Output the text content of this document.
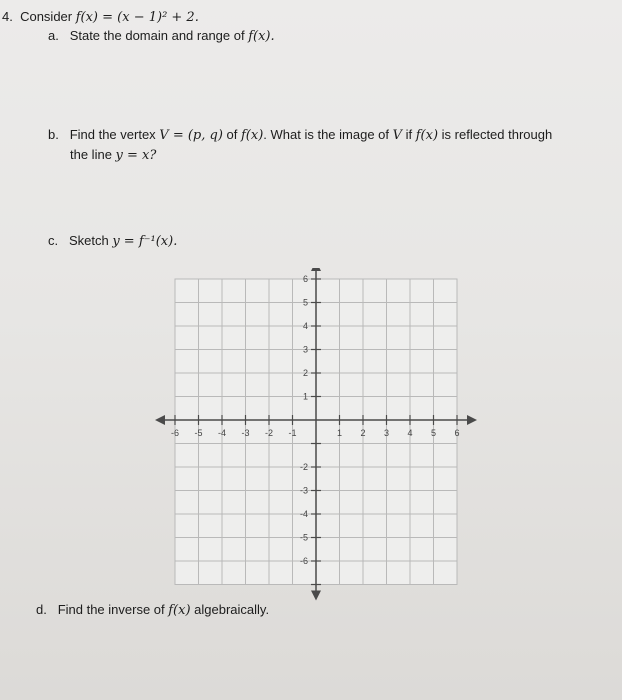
4. Consider f(x) = (x − 1)² + 2.
a. State the domain and range of f(x).
b. Find the vertex V = (p, q) of f(x). What is the image of V if f(x) is reflected through
the line y = x?
c. Sketch y = f⁻¹(x).
-6 -5 -4 -3 -2 -1	1 2 3 4 5 6
6
5
4
3
2
1
-2
-3
-4
-5
-6
d. Find the inverse of f(x) algebraically.
